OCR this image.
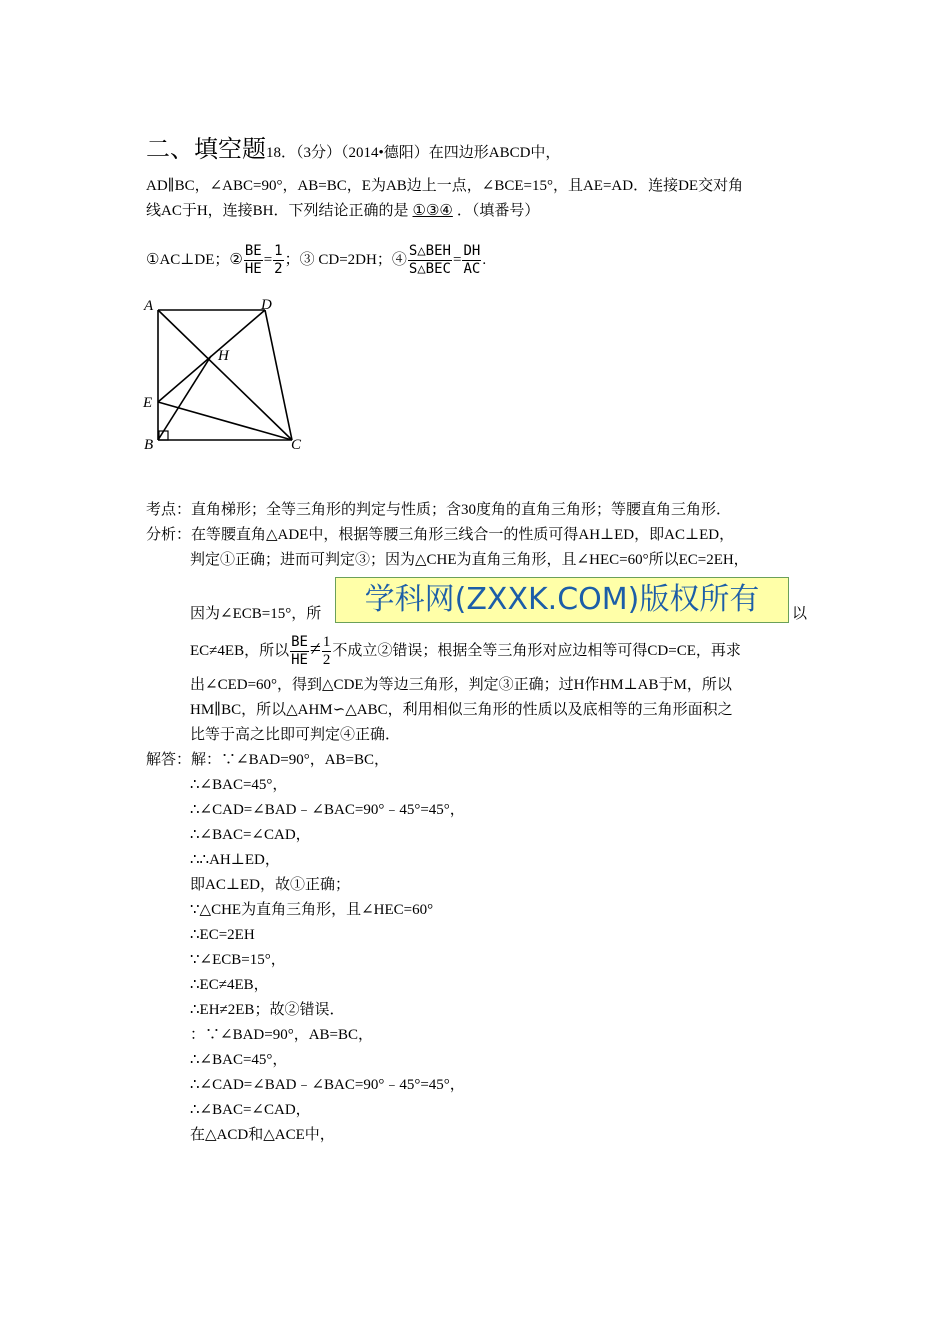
二、填空题18．（3分）（2014•德阳）在四边形ABCD中，
AD∥BC，∠ABC=90°，AB=BC，E为AB边上一点，∠BCE=15°，且AE=AD．连接DE交对角
线AC于H，连接BH．下列结论正确的是 ①③④ ．（填番号）
①AC⊥DE；② $\frac{BE}{HE} = \frac{1}{2}$ ；③ CD=2DH；④ $\frac{\text{S△BEH}}{\text{S△BEC}} = \frac{DH}{AC}$ .
A	D
H
E
B	C
考点：直角梯形；全等三角形的判定与性质；含30度角的直角三角形；等腰直角三角形．
分析：在等腰直角△ADE中，根据等腰三角形三线合一的性质可得AH⊥ED，即AC⊥ED，
判定①正确；进而可判定③；因为△CHE为直角三角形，且∠HEC=60°所以EC=2EH，
因为∠ECB=15°，所	以
EC≠4EB，所以 $\frac{BE}{HE} \ne \frac{1}{2}$ 不成立②错误；根据全等三角形对应边相等可得CD=CE，再求
出∠CED=60°，得到△CDE为等边三角形，判定③正确；过H作HM⊥AB于M，所以
HM∥BC，所以△AHM∽△ABC，利用相似三角形的性质以及底相等的三角形面积之
比等于高之比即可判定④正确．
学科网(ZXXK.COM)版权所有
解答：解：∵∠BAD=90°，AB=BC，
∴∠BAC=45°，
∴∠CAD=∠BAD﹣∠BAC=90°﹣45°=45°，
∴∠BAC=∠CAD，
∴∴AH⊥ED，
即AC⊥ED，故①正确；
∵△CHE为直角三角形，且∠HEC=60°
∴EC=2EH
∵∠ECB=15°，
∴EC≠4EB，
∴EH≠2EB；故②错误．
：∵∠BAD=90°，AB=BC，
∴∠BAC=45°，
∴∠CAD=∠BAD﹣∠BAC=90°﹣45°=45°，
∴∠BAC=∠CAD，
在△ACD和△ACE中，
